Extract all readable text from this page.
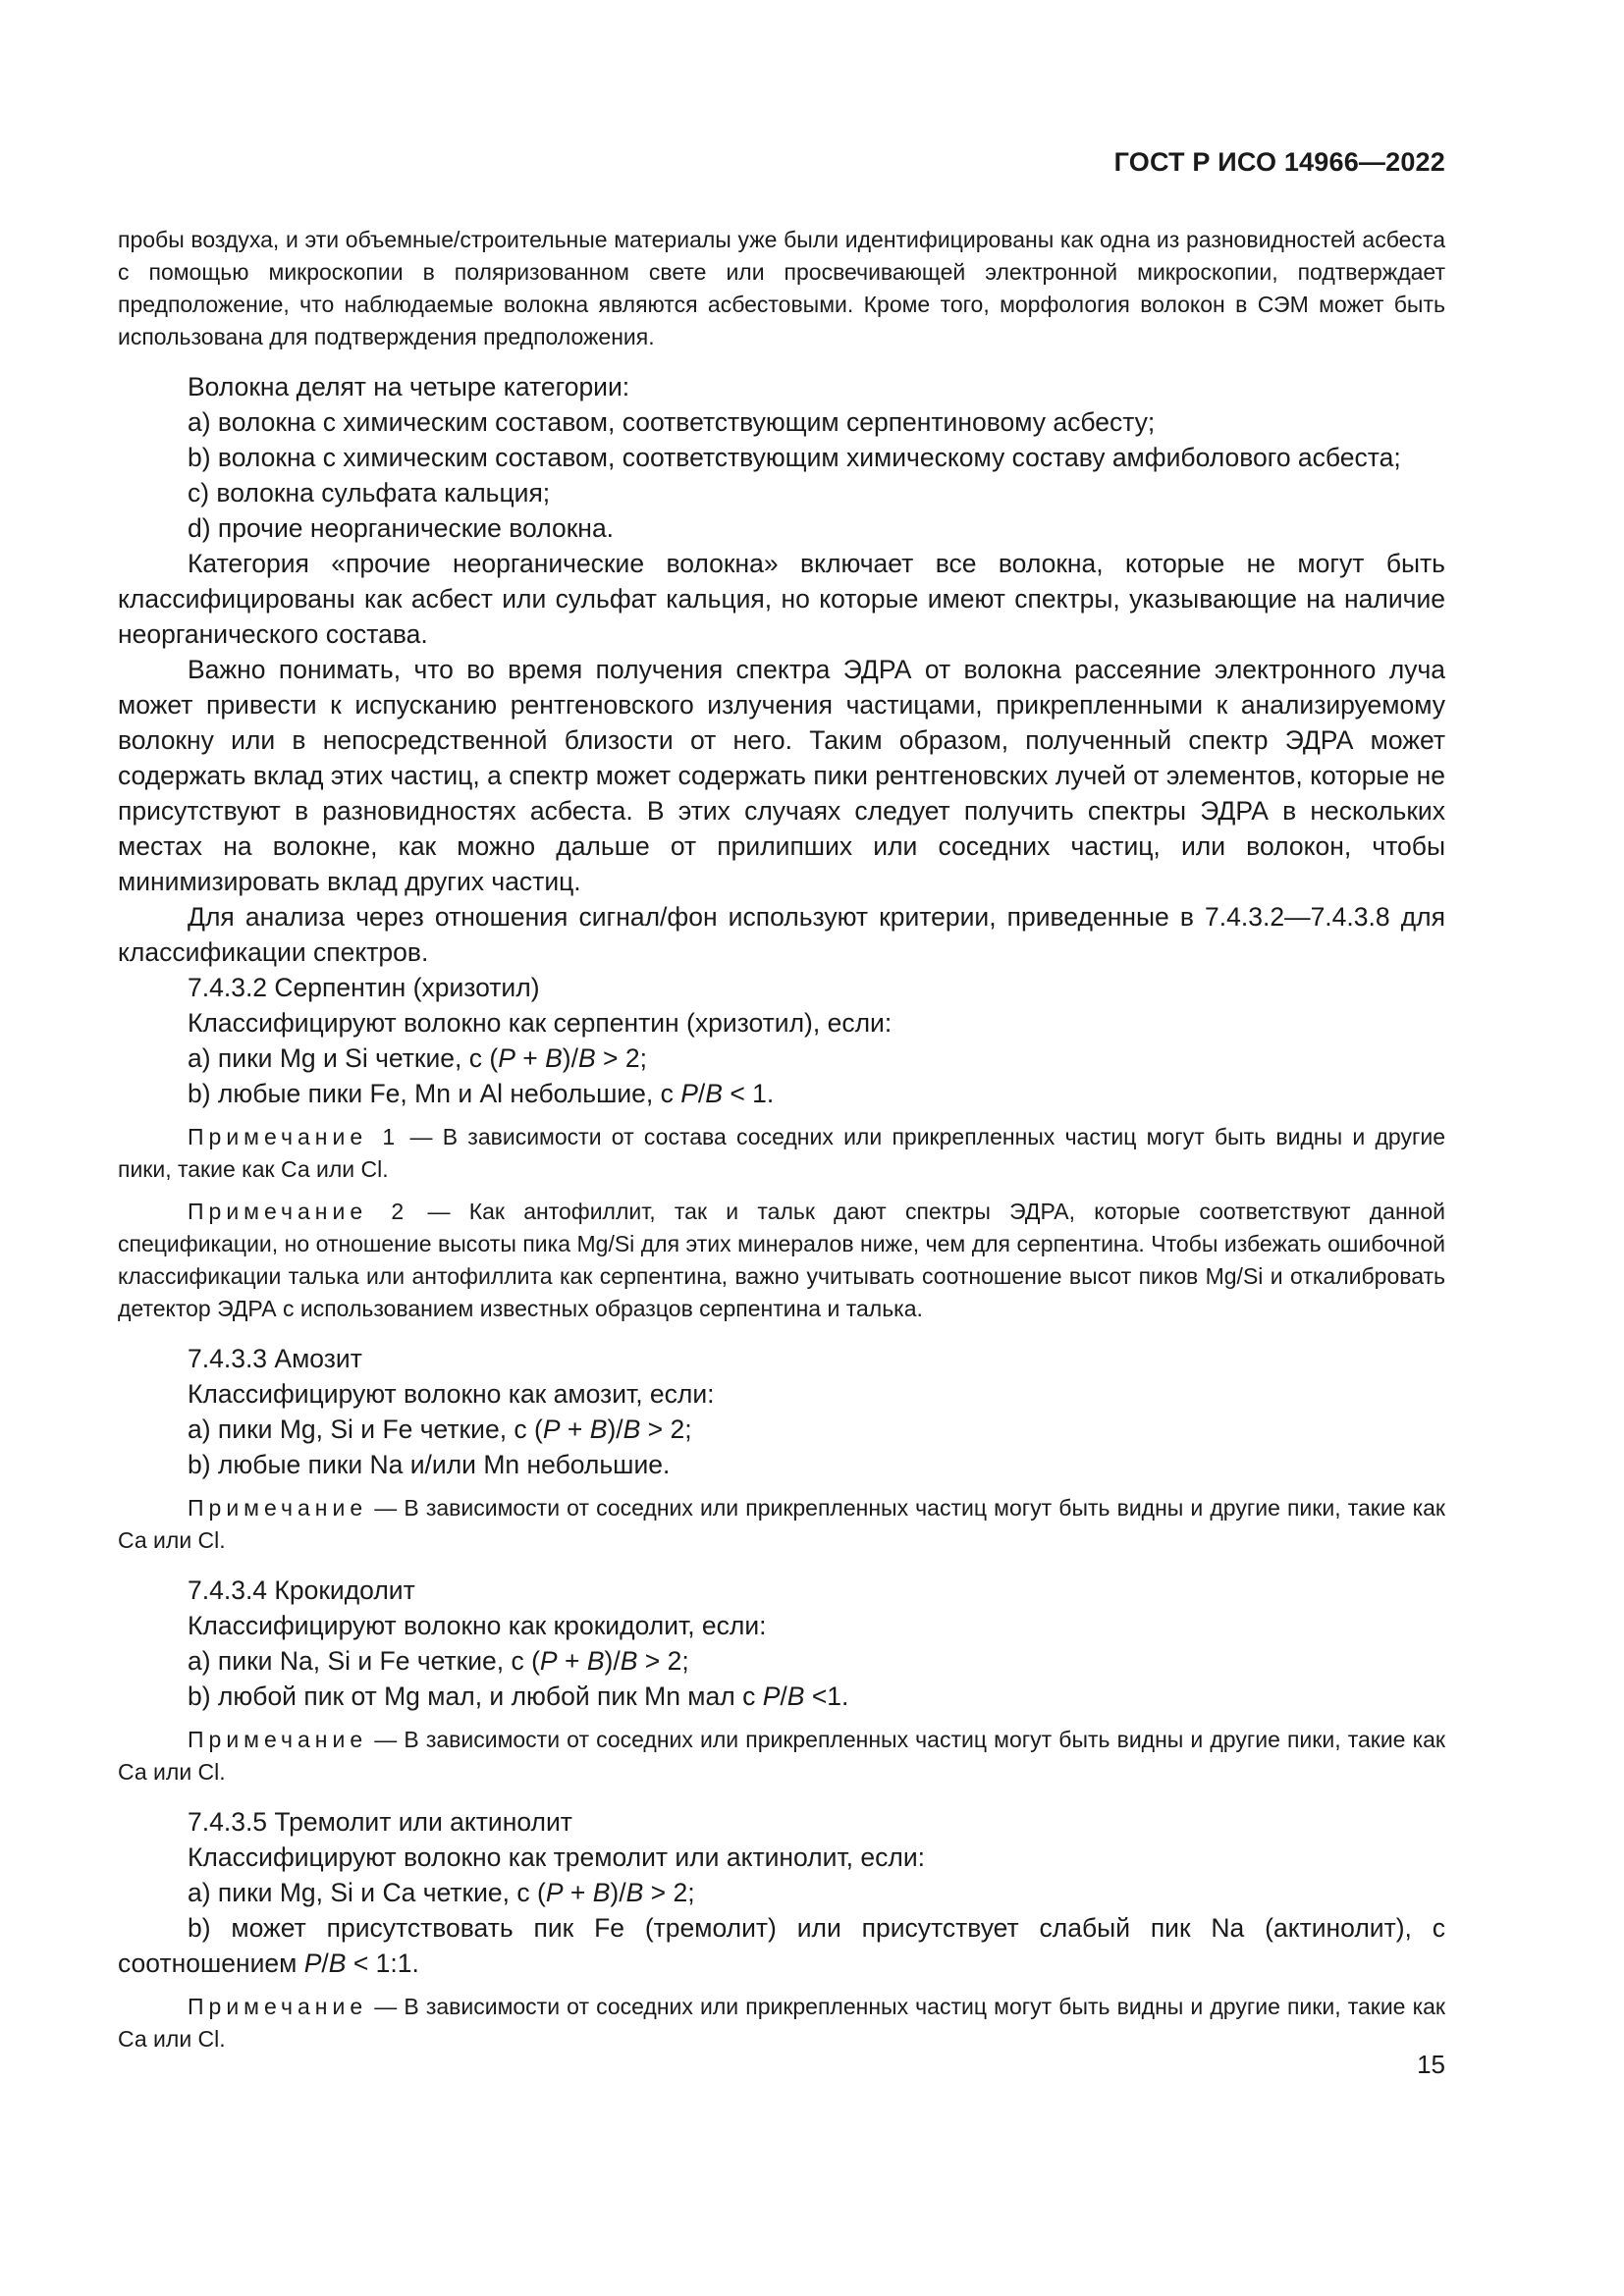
ГОСТ Р ИСО 14966—2022

пробы воздуха, и эти объемные/строительные материалы уже были идентифицированы как одна из разновидностей асбеста с помощью микроскопии в поляризованном свете или просвечивающей электронной микроскопии, подтверждает предположение, что наблюдаемые волокна являются асбестовыми. Кроме того, морфология волокон в СЭМ может быть использована для подтверждения предположения.

Волокна делят на четыре категории:

a) волокна с химическим составом, соответствующим серпентиновому асбесту;

b) волокна с химическим составом, соответствующим химическому составу амфиболового асбеста;

c) волокна сульфата кальция;

d) прочие неорганические волокна.

Категория «прочие неорганические волокна» включает все волокна, которые не могут быть классифицированы как асбест или сульфат кальция, но которые имеют спектры, указывающие на наличие неорганического состава.

Важно понимать, что во время получения спектра ЭДРА от волокна рассеяние электронного луча может привести к испусканию рентгеновского излучения частицами, прикрепленными к анализируемому волокну или в непосредственной близости от него. Таким образом, полученный спектр ЭДРА может содержать вклад этих частиц, а спектр может содержать пики рентгеновских лучей от элементов, которые не присутствуют в разновидностях асбеста. В этих случаях следует получить спектры ЭДРА в нескольких местах на волокне, как можно дальше от прилипших или соседних частиц, или волокон, чтобы минимизировать вклад других частиц.

Для анализа через отношения сигнал/фон используют критерии, приведенные в 7.4.3.2—7.4.3.8 для классификации спектров.

7.4.3.2 Серпентин (хризотил)

Классифицируют волокно как серпентин (хризотил), если:

a) пики Mg и Si четкие, с (P + B)/B > 2;

b) любые пики Fe, Mn и Al небольшие, с P/B < 1.

Примечание 1 — В зависимости от состава соседних или прикрепленных частиц могут быть видны и другие пики, такие как Са или Cl.

Примечание 2 — Как антофиллит, так и тальк дают спектры ЭДРА, которые соответствуют данной спецификации, но отношение высоты пика Mg/Si для этих минералов ниже, чем для серпентина. Чтобы избежать ошибочной классификации талька или антофиллита как серпентина, важно учитывать соотношение высот пиков Mg/Si и откалибровать детектор ЭДРА с использованием известных образцов серпентина и талька.

7.4.3.3 Амозит

Классифицируют волокно как амозит, если:

a) пики Mg, Si и Fe четкие, с (P + B)/B > 2;

b) любые пики Na и/или Mn небольшие.

Примечание — В зависимости от соседних или прикрепленных частиц могут быть видны и другие пики, такие как Са или Cl.

7.4.3.4 Крокидолит

Классифицируют волокно как крокидолит, если:

a) пики Na, Si и Fe четкие, с (P + B)/B > 2;

b) любой пик от Mg мал, и любой пик Mn мал с P/B <1.

Примечание — В зависимости от соседних или прикрепленных частиц могут быть видны и другие пики, такие как Са или Cl.

7.4.3.5 Тремолит или актинолит

Классифицируют волокно как тремолит или актинолит, если:

a) пики Mg, Si и Ca четкие, с (P + B)/B > 2;

b) может присутствовать пик Fe (тремолит) или присутствует слабый пик Na (актинолит), с соотношением P/B < 1:1.

Примечание — В зависимости от соседних или прикрепленных частиц могут быть видны и другие пики, такие как Са или Cl.

15
